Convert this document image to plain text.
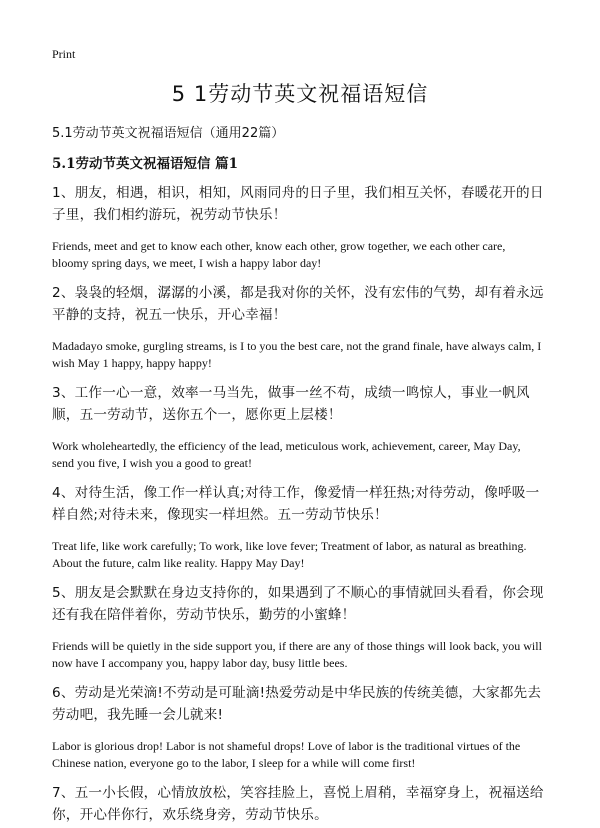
Print
5 1劳动节英文祝福语短信
5.1劳动节英文祝福语短信（通用22篇）
5.1劳动节英文祝福语短信 篇1

1、朋友，相遇，相识，相知，风雨同舟的日子里，我们相互关怀，春暖花开的日子里，我们相约游玩，祝劳动节快乐！

Friends, meet and get to know each other, know each other, grow together, we each other care, bloomy spring days, we meet, I wish a happy labor day!

2、袅袅的轻烟，潺潺的小溪，都是我对你的关怀，没有宏伟的气势，却有着永远平静的支持，祝五一快乐，开心幸福！

Madadayo smoke, gurgling streams, is I to you the best care, not the grand finale, have always calm, I wish May 1 happy, happy happy!

3、工作一心一意，效率一马当先，做事一丝不苟，成绩一鸣惊人，事业一帆风顺，五一劳动节，送你五个一，愿你更上层楼！

Work wholeheartedly, the efficiency of the lead, meticulous work, achievement, career, May Day, send you five, I wish you a good to great!

4、对待生活，像工作一样认真;对待工作，像爱情一样狂热;对待劳动，像呼吸一样自然;对待未来，像现实一样坦然。五一劳动节快乐！

Treat life, like work carefully; To work, like love fever; Treatment of labor, as natural as breathing. About the future, calm like reality. Happy May Day!

5、朋友是会默默在身边支持你的，如果遇到了不顺心的事情就回头看看，你会现还有我在陪伴着你，劳动节快乐，勤劳的小蜜蜂！

Friends will be quietly in the side support you, if there are any of those things will look back, you will now have I accompany you, happy labor day, busy little bees.

6、劳动是光荣滴!不劳动是可耻滴!热爱劳动是中华民族的传统美德，大家都先去劳动吧，我先睡一会儿就来!

Labor is glorious drop! Labor is not shameful drops! Love of labor is the traditional virtues of the Chinese nation, everyone go to the labor, I sleep for a while will come first!

7、五一小长假，心情放放松，笑容挂脸上，喜悦上眉稍，幸福穿身上，祝福送给你，开心伴你行，欢乐绕身旁，劳动节快乐。
